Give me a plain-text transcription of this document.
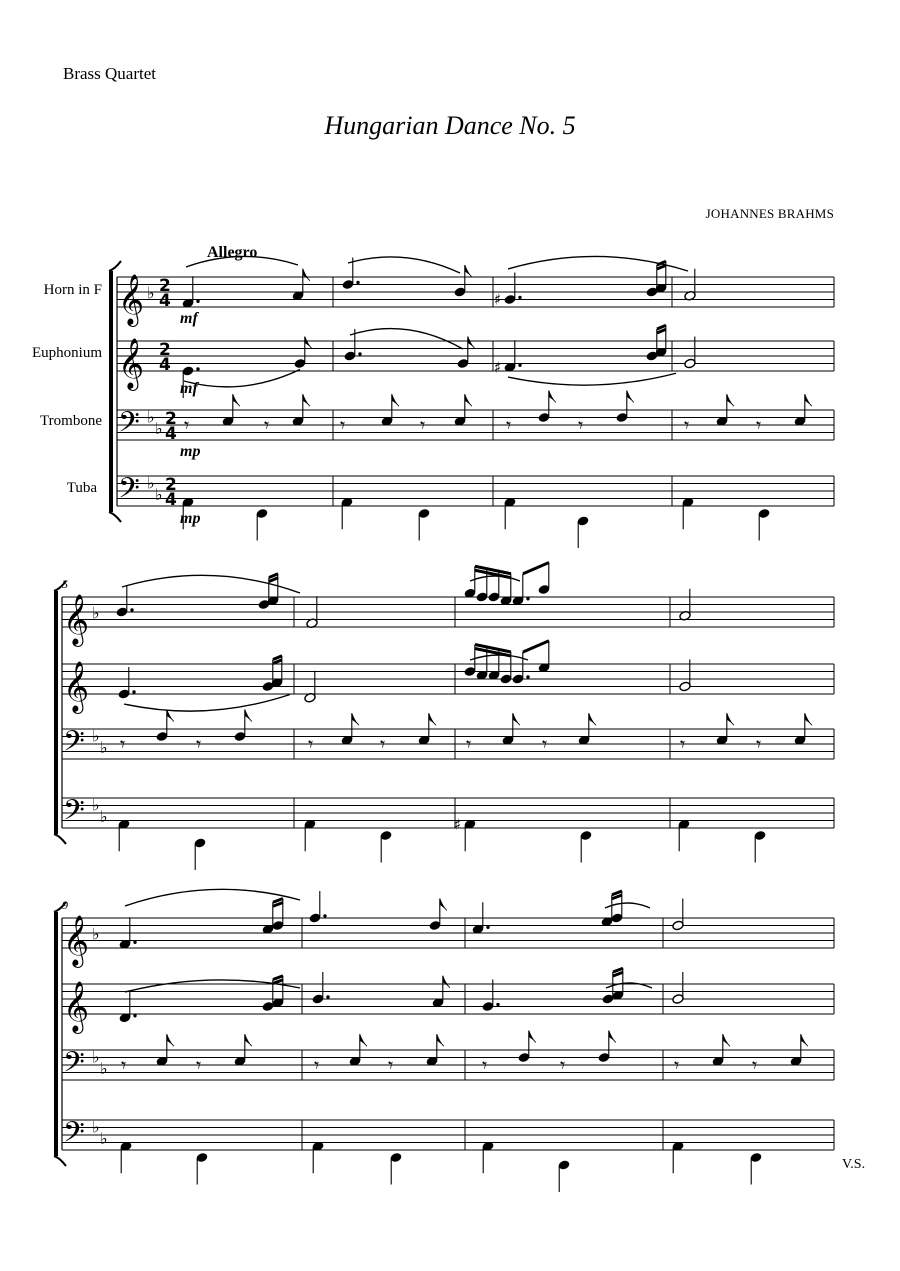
Brass Quartet
Hungarian Dance No. 5
JOHANNES BRAHMS
V.S.
Horn in F
Euphonium
Trombone
Tuba
𝄞 ♭ 2
4
𝄞 2
4
𝄢 ♭
♭ 2
4
𝄢 ♭
♭ 2
4
𝄞 ♭
𝄞
𝄢 ♭
♭
𝄢 ♭
♭
𝄞 ♭
𝄞
𝄢 ♭
♭
𝄢 ♭
♭
♯
♯
𝄾	𝄾	𝄾	𝄾	𝄾	𝄾	𝄾	𝄾
𝄾	𝄾	𝄾	𝄾	𝄾	𝄾	𝄾	𝄾
♯
𝄾	𝄾	𝄾	𝄾	𝄾	𝄾	𝄾	𝄾
Allegro
5
9
mf
mf
mp
mp
